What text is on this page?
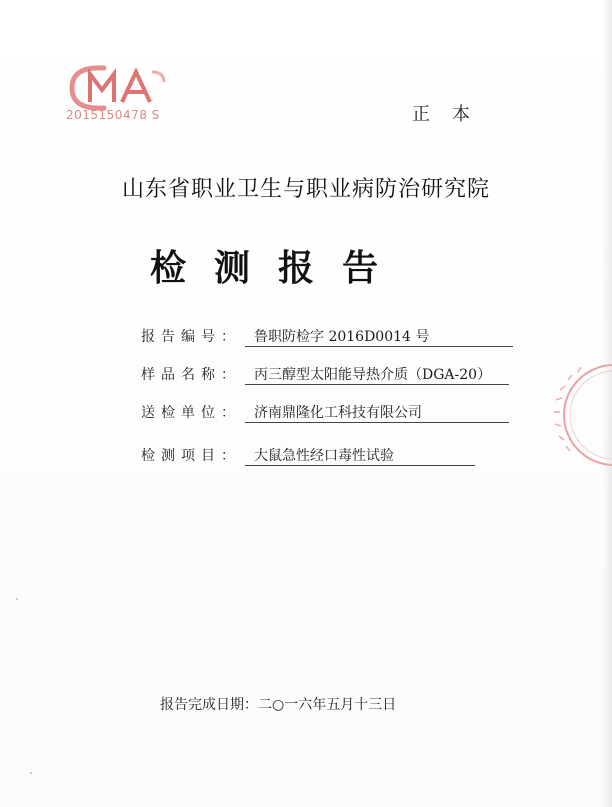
2015150478 S	正本
山东省职业卫生与职业病防治研究院
检测报告
报告编号： 鲁职防检字 2016D0014 号
样品名称： 丙三醇型太阳能导热介质（DGA-20）
送检单位： 济南鼎隆化工科技有限公司
检测项目： 大鼠急性经口毒性试验
报告完成日期：二○一六年五月十三日
